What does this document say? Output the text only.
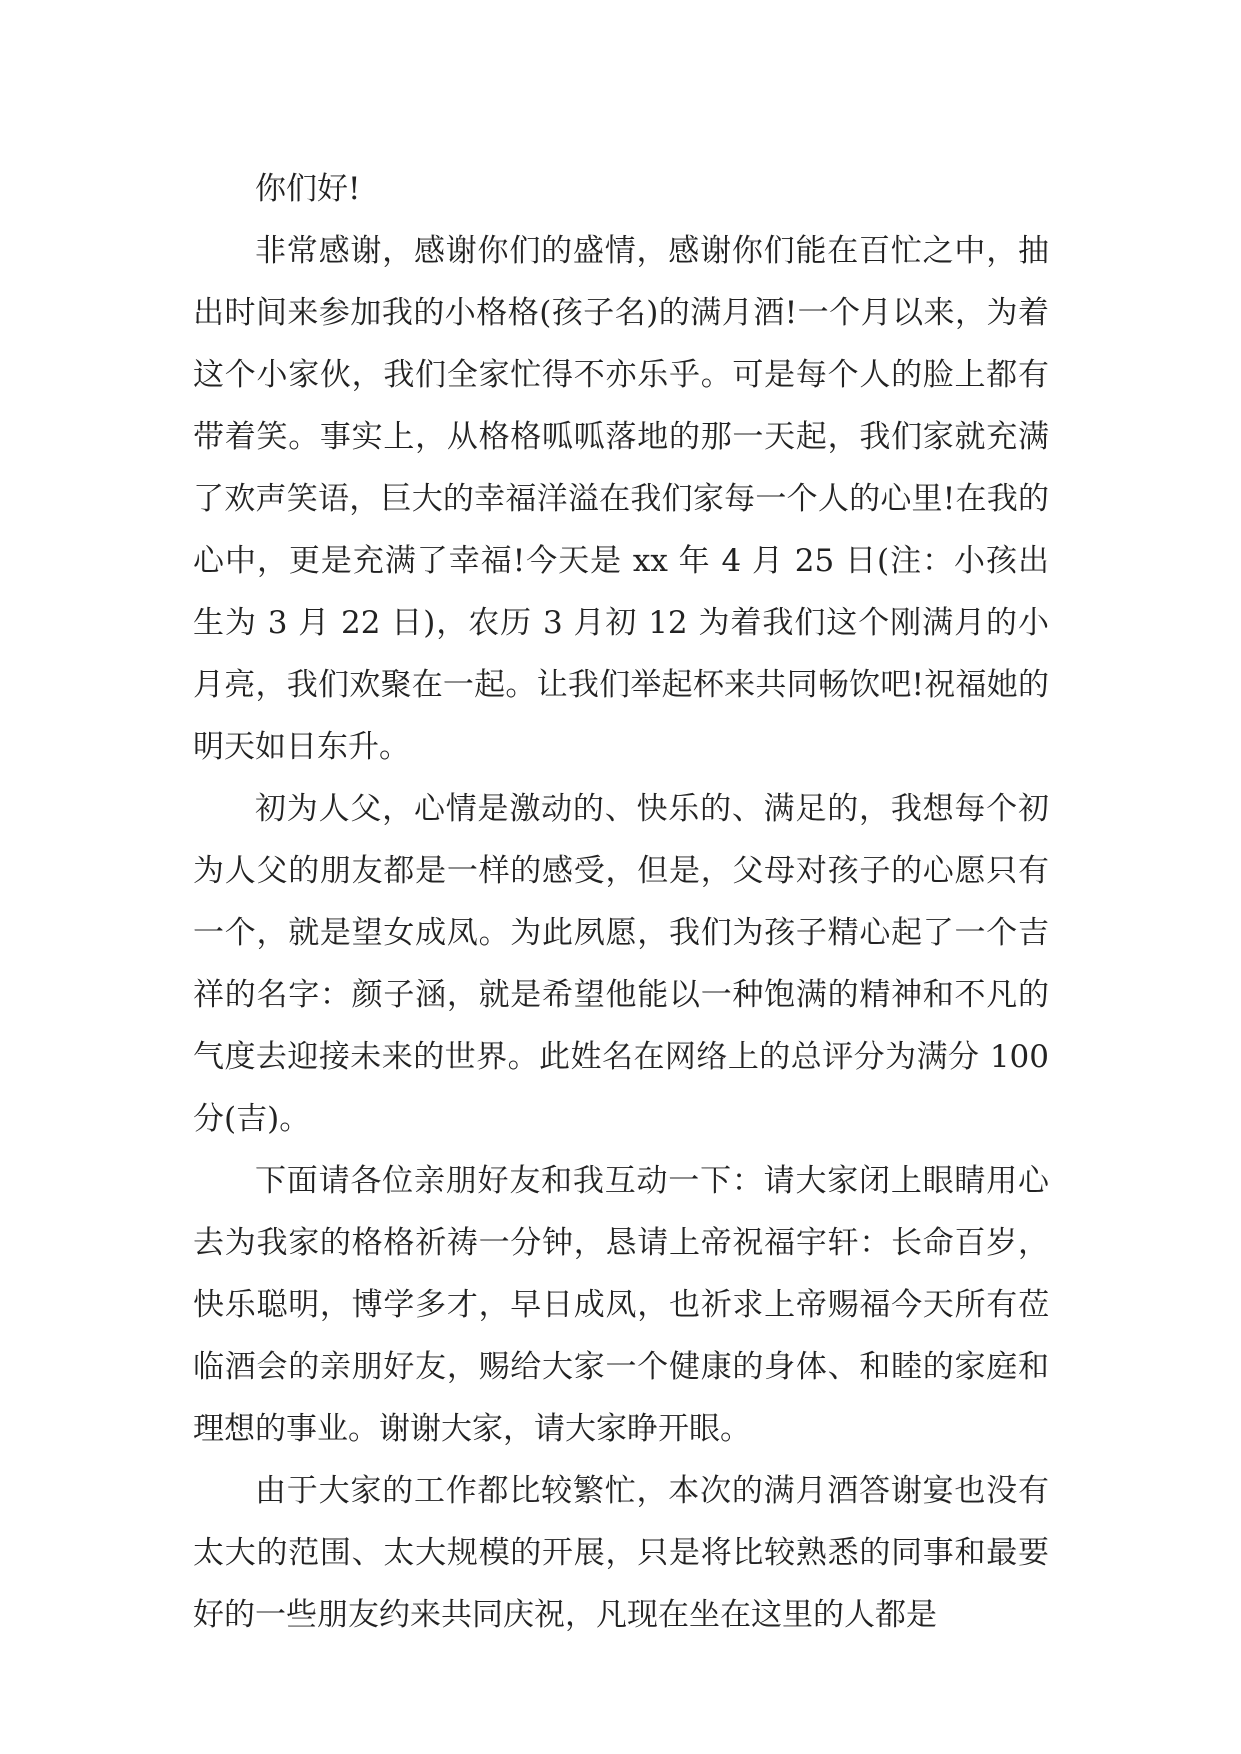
你们好!

非常感谢，感谢你们的盛情，感谢你们能在百忙之中，抽出时间来参加我的小格格(孩子名)的满月酒!一个月以来，为着这个小家伙，我们全家忙得不亦乐乎。可是每个人的脸上都有带着笑。事实上，从格格呱呱落地的那一天起，我们家就充满了欢声笑语，巨大的幸福洋溢在我们家每一个人的心里!在我的心中，更是充满了幸福!今天是 xx 年 4 月 25 日(注：小孩出生为 3 月 22 日)，农历 3 月初 12 为着我们这个刚满月的小月亮，我们欢聚在一起。让我们举起杯来共同畅饮吧!祝福她的明天如日东升。

初为人父，心情是激动的、快乐的、满足的，我想每个初为人父的朋友都是一样的感受，但是，父母对孩子的心愿只有一个，就是望女成凤。为此夙愿，我们为孩子精心起了一个吉祥的名字：颜子涵，就是希望他能以一种饱满的精神和不凡的气度去迎接未来的世界。此姓名在网络上的总评分为满分 100 分(吉)。

下面请各位亲朋好友和我互动一下：请大家闭上眼睛用心去为我家的格格祈祷一分钟，恳请上帝祝福宇轩：长命百岁，快乐聪明，博学多才，早日成凤，也祈求上帝赐福今天所有莅临酒会的亲朋好友，赐给大家一个健康的身体、和睦的家庭和理想的事业。谢谢大家，请大家睁开眼。

由于大家的工作都比较繁忙，本次的满月酒答谢宴也没有太大的范围、太大规模的开展，只是将比较熟悉的同事和最要好的一些朋友约来共同庆祝，凡现在坐在这里的人都是
